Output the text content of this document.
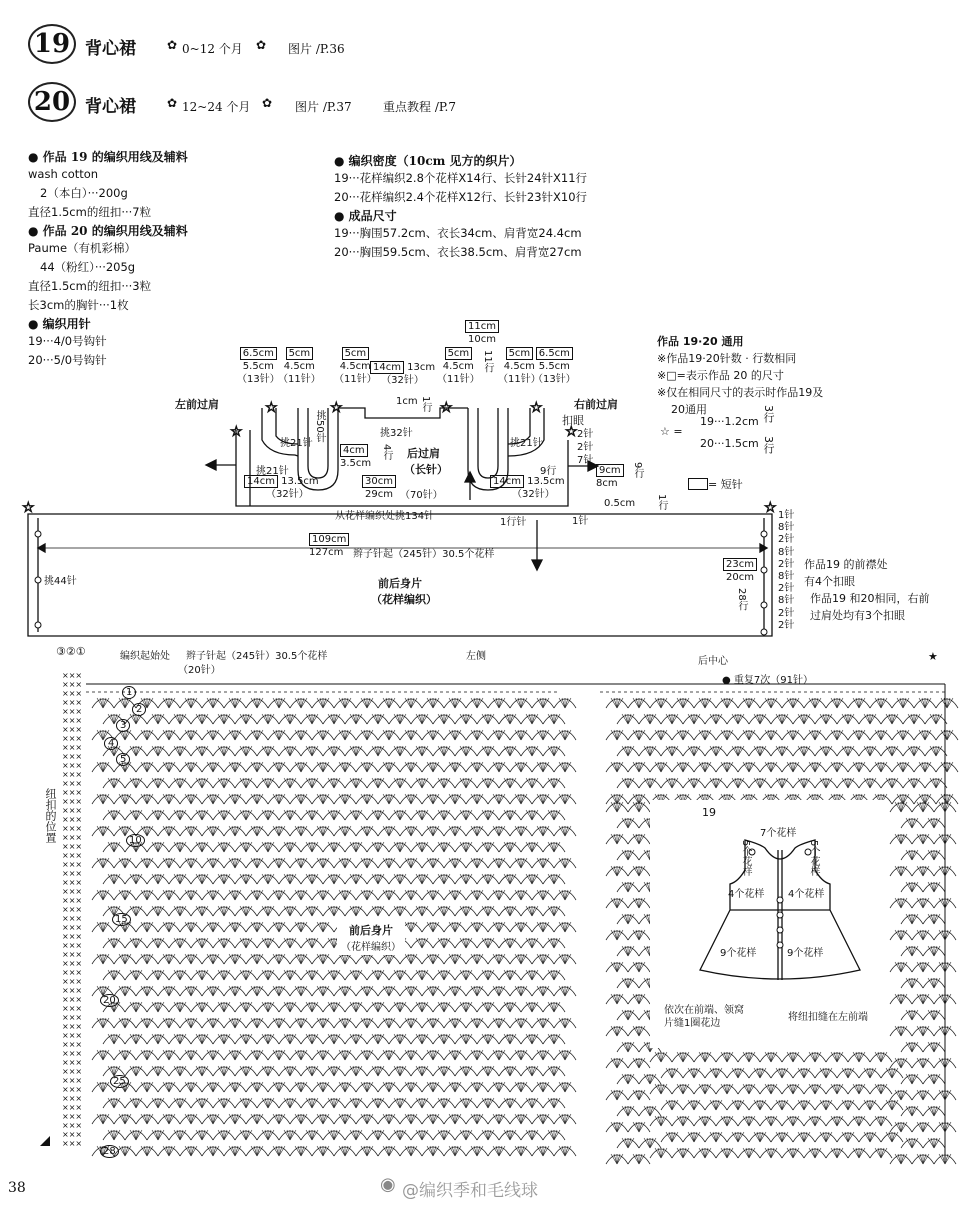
19 背心裙	✿ 0~12 个月 ✿ 图片 /P.36
20 背心裙	✿ 12~24 个月 ✿ 图片 /P.37	重点教程 /P.7
● 作品 19 的编织用线及辅料
wash cotton
2（本白）···200g
直径1.5cm的纽扣···7粒
● 作品 20 的编织用线及辅料
Paume（有机彩棉）
44（粉红）···205g
直径1.5cm的纽扣···3粒
长3cm的胸针···1枚
● 编织用针
19···4/0号钩针
20···5/0号钩针
● 编织密度（10cm 见方的织片）
19···花样编织2.8个花样X14行、长针24针X11行
20···花样编织2.4个花样X12行、长针23针X10行
● 成品尺寸
19···胸围57.2cm、衣长34cm、肩背宽24.4cm
20···胸围59.5cm、衣长38.5cm、肩背宽27cm
作品 19·20 通用
※作品19·20针数 · 行数相同
※□=表示作品 20 的尺寸
※仅在相同尺寸的表示时作品19及
20通用
☆ =
19···1.2cm
20···1.5cm
3行
3行
= 短针
☆
☆	☆	☆	☆
☆
☆	☆
左前过肩	右前过肩
后过肩
（长针）
扣眼
6.5cm
5.5cm
（13针）
5cm
4.5cm
（11针）
5cm
4.5cm
（11针）
14cm 13cm
（32针）
5cm
4.5cm
（11针）
11cm
10cm
11行	5cm
4.5cm
（11针）
6.5cm
5.5cm
（13针）
1cm 1行
挑21针
挑50针	挑32针
挑21针
挑21针
4cm
3.5cm
4行
14cm 13.5cm
（32针）
30cm
29cm （70针）
14cm 13.5cm
（32针）
2针
2针
7针
9行	9cm
8cm
9行
0.5cm 1行
1针
从花样编织处挑134针
1行针
109cm
127cm 辫子针起（245针）30.5个花样
前后身片
（花样编织）
挑44针
23cm
20cm
28行
1针
8针
2针
8针
2针
8针
2针
8针
2针
2针
作品19 的前襟处
有4个扣眼
作品19 和20相同，右前
过肩处均有3个扣眼
③②①	编织起始处 辫子针起（245针）30.5个花样
（20针）
左侧	后中心
● 重复7次（91针）
★
纽扣的位置
×××
×××
×××
×××
×××
×××
×××
×××
×××
×××
×××
×××
×××
×××
×××
×××
×××
×××
×××
×××
×××
×××
×××
×××
×××
×××
×××
×××
×××
×××
×××
×××
×××
×××
×××
×××
×××
×××
×××
×××
×××
×××
×××
×××
×××
×××
×××
×××
×××
×××
×××
×××
×××
1
2
3
4
5
10
15
20
25
28
前后身片
（花样编织）
19
7个花样
5个花样	5个花样
4个花样 4个花样
9个花样	9个花样
依次在前端、领窝
片缝1圈花边
将纽扣缝在左前端
38	◉ @编织季和毛线球
